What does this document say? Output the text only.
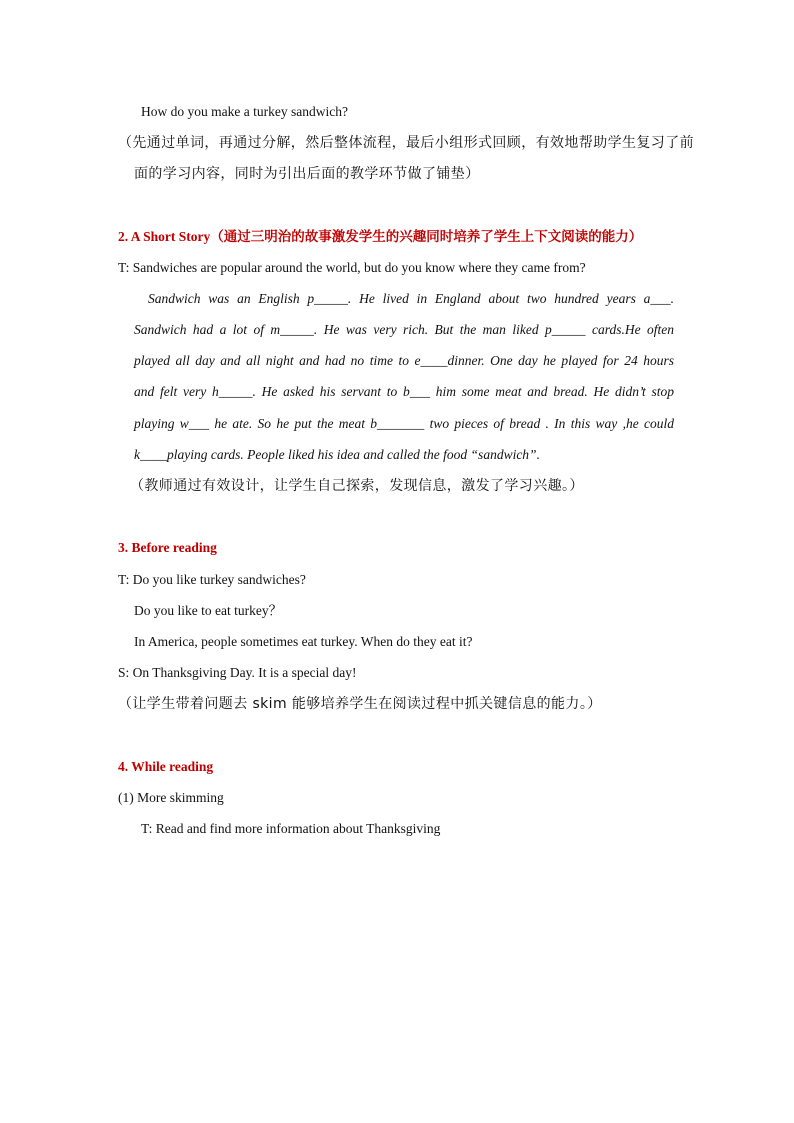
How do you make a turkey sandwich?
（先通过单词，再通过分解，然后整体流程，最后小组形式回顾，有效地帮助学生复习了前
面的学习内容，同时为引出后面的教学环节做了铺垫）
2. A Short Story（通过三明治的故事激发学生的兴趣同时培养了学生上下文阅读的能力）
T: Sandwiches are popular around the world, but do you know where they came from?
Sandwich was an English p_____. He lived in England about two hundred years a___.
Sandwich had a lot of m_____. He was very rich. But the man liked p_____ cards.He often
played all day and all night and had no time to e____dinner. One day he played for 24 hours
and felt very h_____. He asked his servant to b___ him some meat and bread. He didn’t stop
playing w___ he ate. So he put the meat b_______ two pieces of bread . In this way ,he could
k____playing cards. People liked his idea and called the food “sandwich”.
（教师通过有效设计，让学生自己探索，发现信息，激发了学习兴趣。）
3. Before reading
T: Do you like turkey sandwiches?
Do you like to eat turkey？
In America, people sometimes eat turkey. When do they eat it?
S: On Thanksgiving Day. It is a special day!
（让学生带着问题去 skim 能够培养学生在阅读过程中抓关键信息的能力。）
4. While reading
(1) More skimming
T: Read and find more information about Thanksgiving
